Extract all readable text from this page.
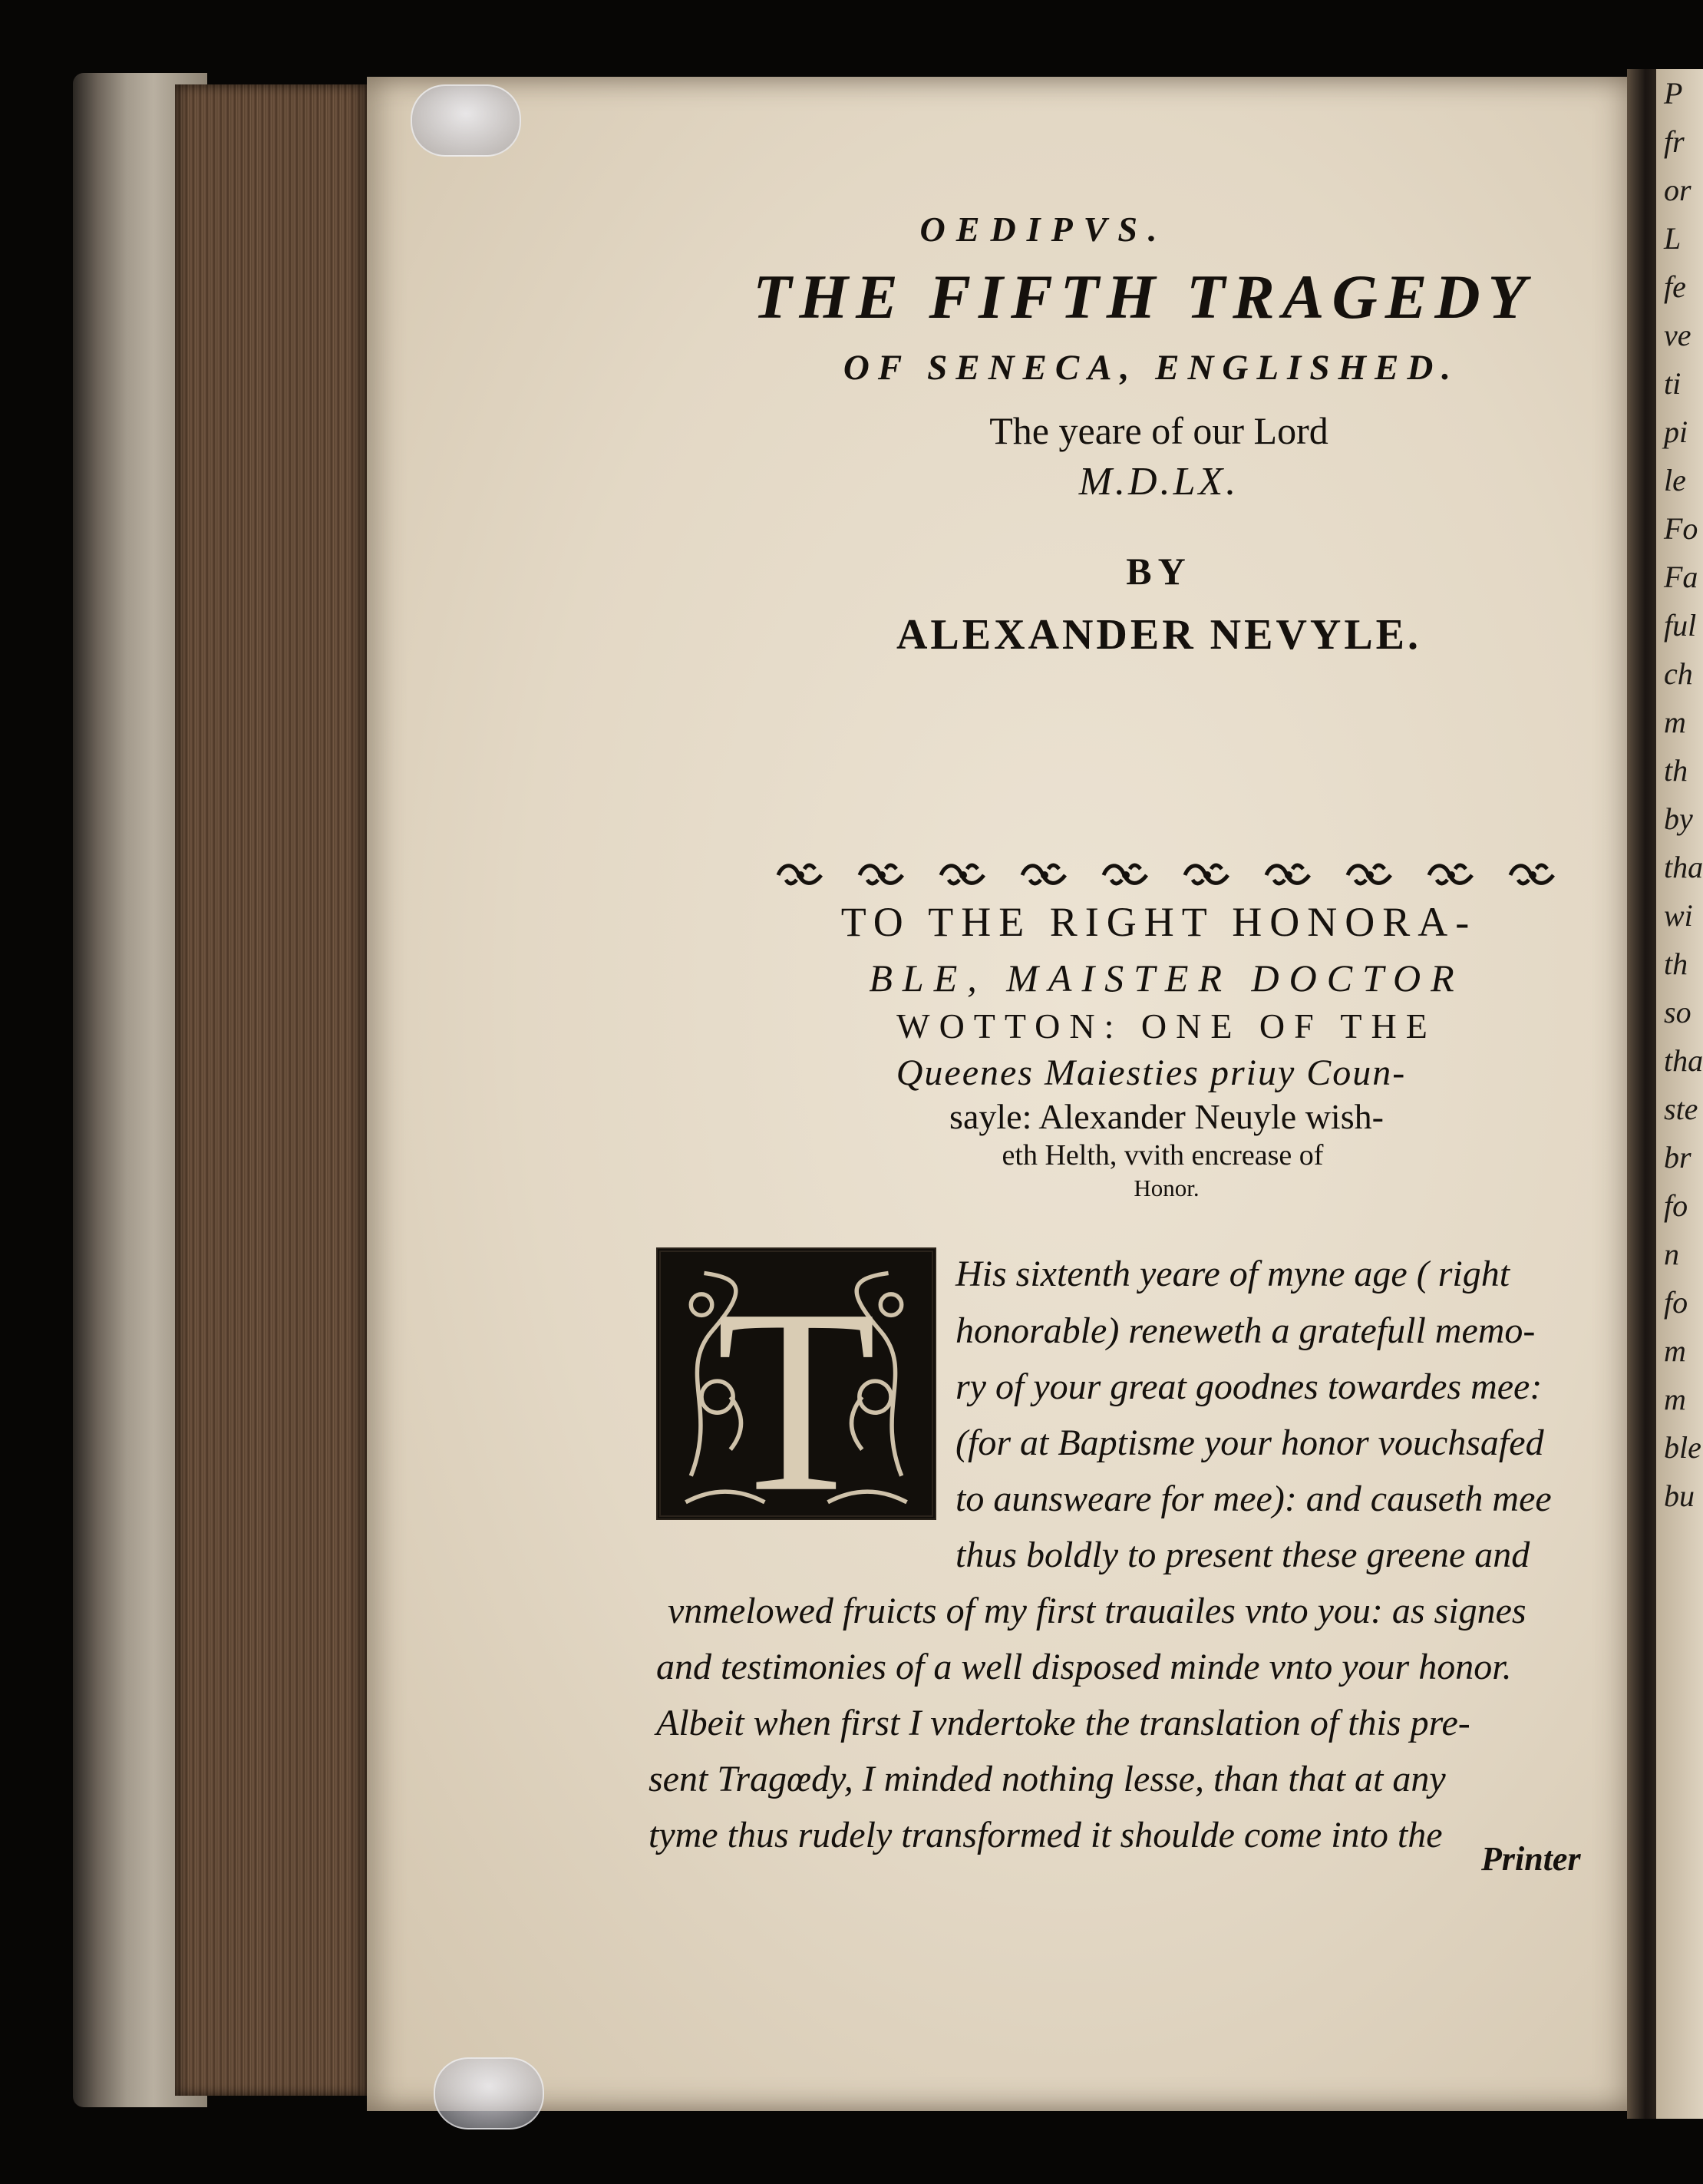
P
fr
or
L
fe
ve
ti
pi
le
Fo
Fa
ful
ch
m
th
by
tha
wi
th
so
tha
ste
br
fo
n
fo
m
m
ble
bu
OEDIPVS.
THE FIFTH TRAGEDY
OF SENECA, ENGLISHED.
The yeare of our Lord
M.D.LX.
BY
ALEXANDER NEVYLE.
TO THE RIGHT HONORA-
BLE, MAISTER DOCTOR
WOTTON: ONE OF THE
Queenes Maiesties priuy Coun-
sayle: Alexander Neuyle wish-
eth Helth, vvith encrease of
Honor.
T His sixtenth yeare of myne age ( right
honorable) reneweth a gratefull memo-
ry of your great goodnes towardes mee:
(for at Baptisme your honor vouchsafed
to aunsweare for mee): and causeth mee
thus boldly to present these greene and
vnmelowed fruicts of my first trauailes vnto you: as signes
and testimonies of a well disposed minde vnto your honor.
Albeit when first I vndertoke the translation of this pre-
sent Tragœdy, I minded nothing lesse, than that at any
tyme thus rudely transformed it shoulde come into the
Printer
